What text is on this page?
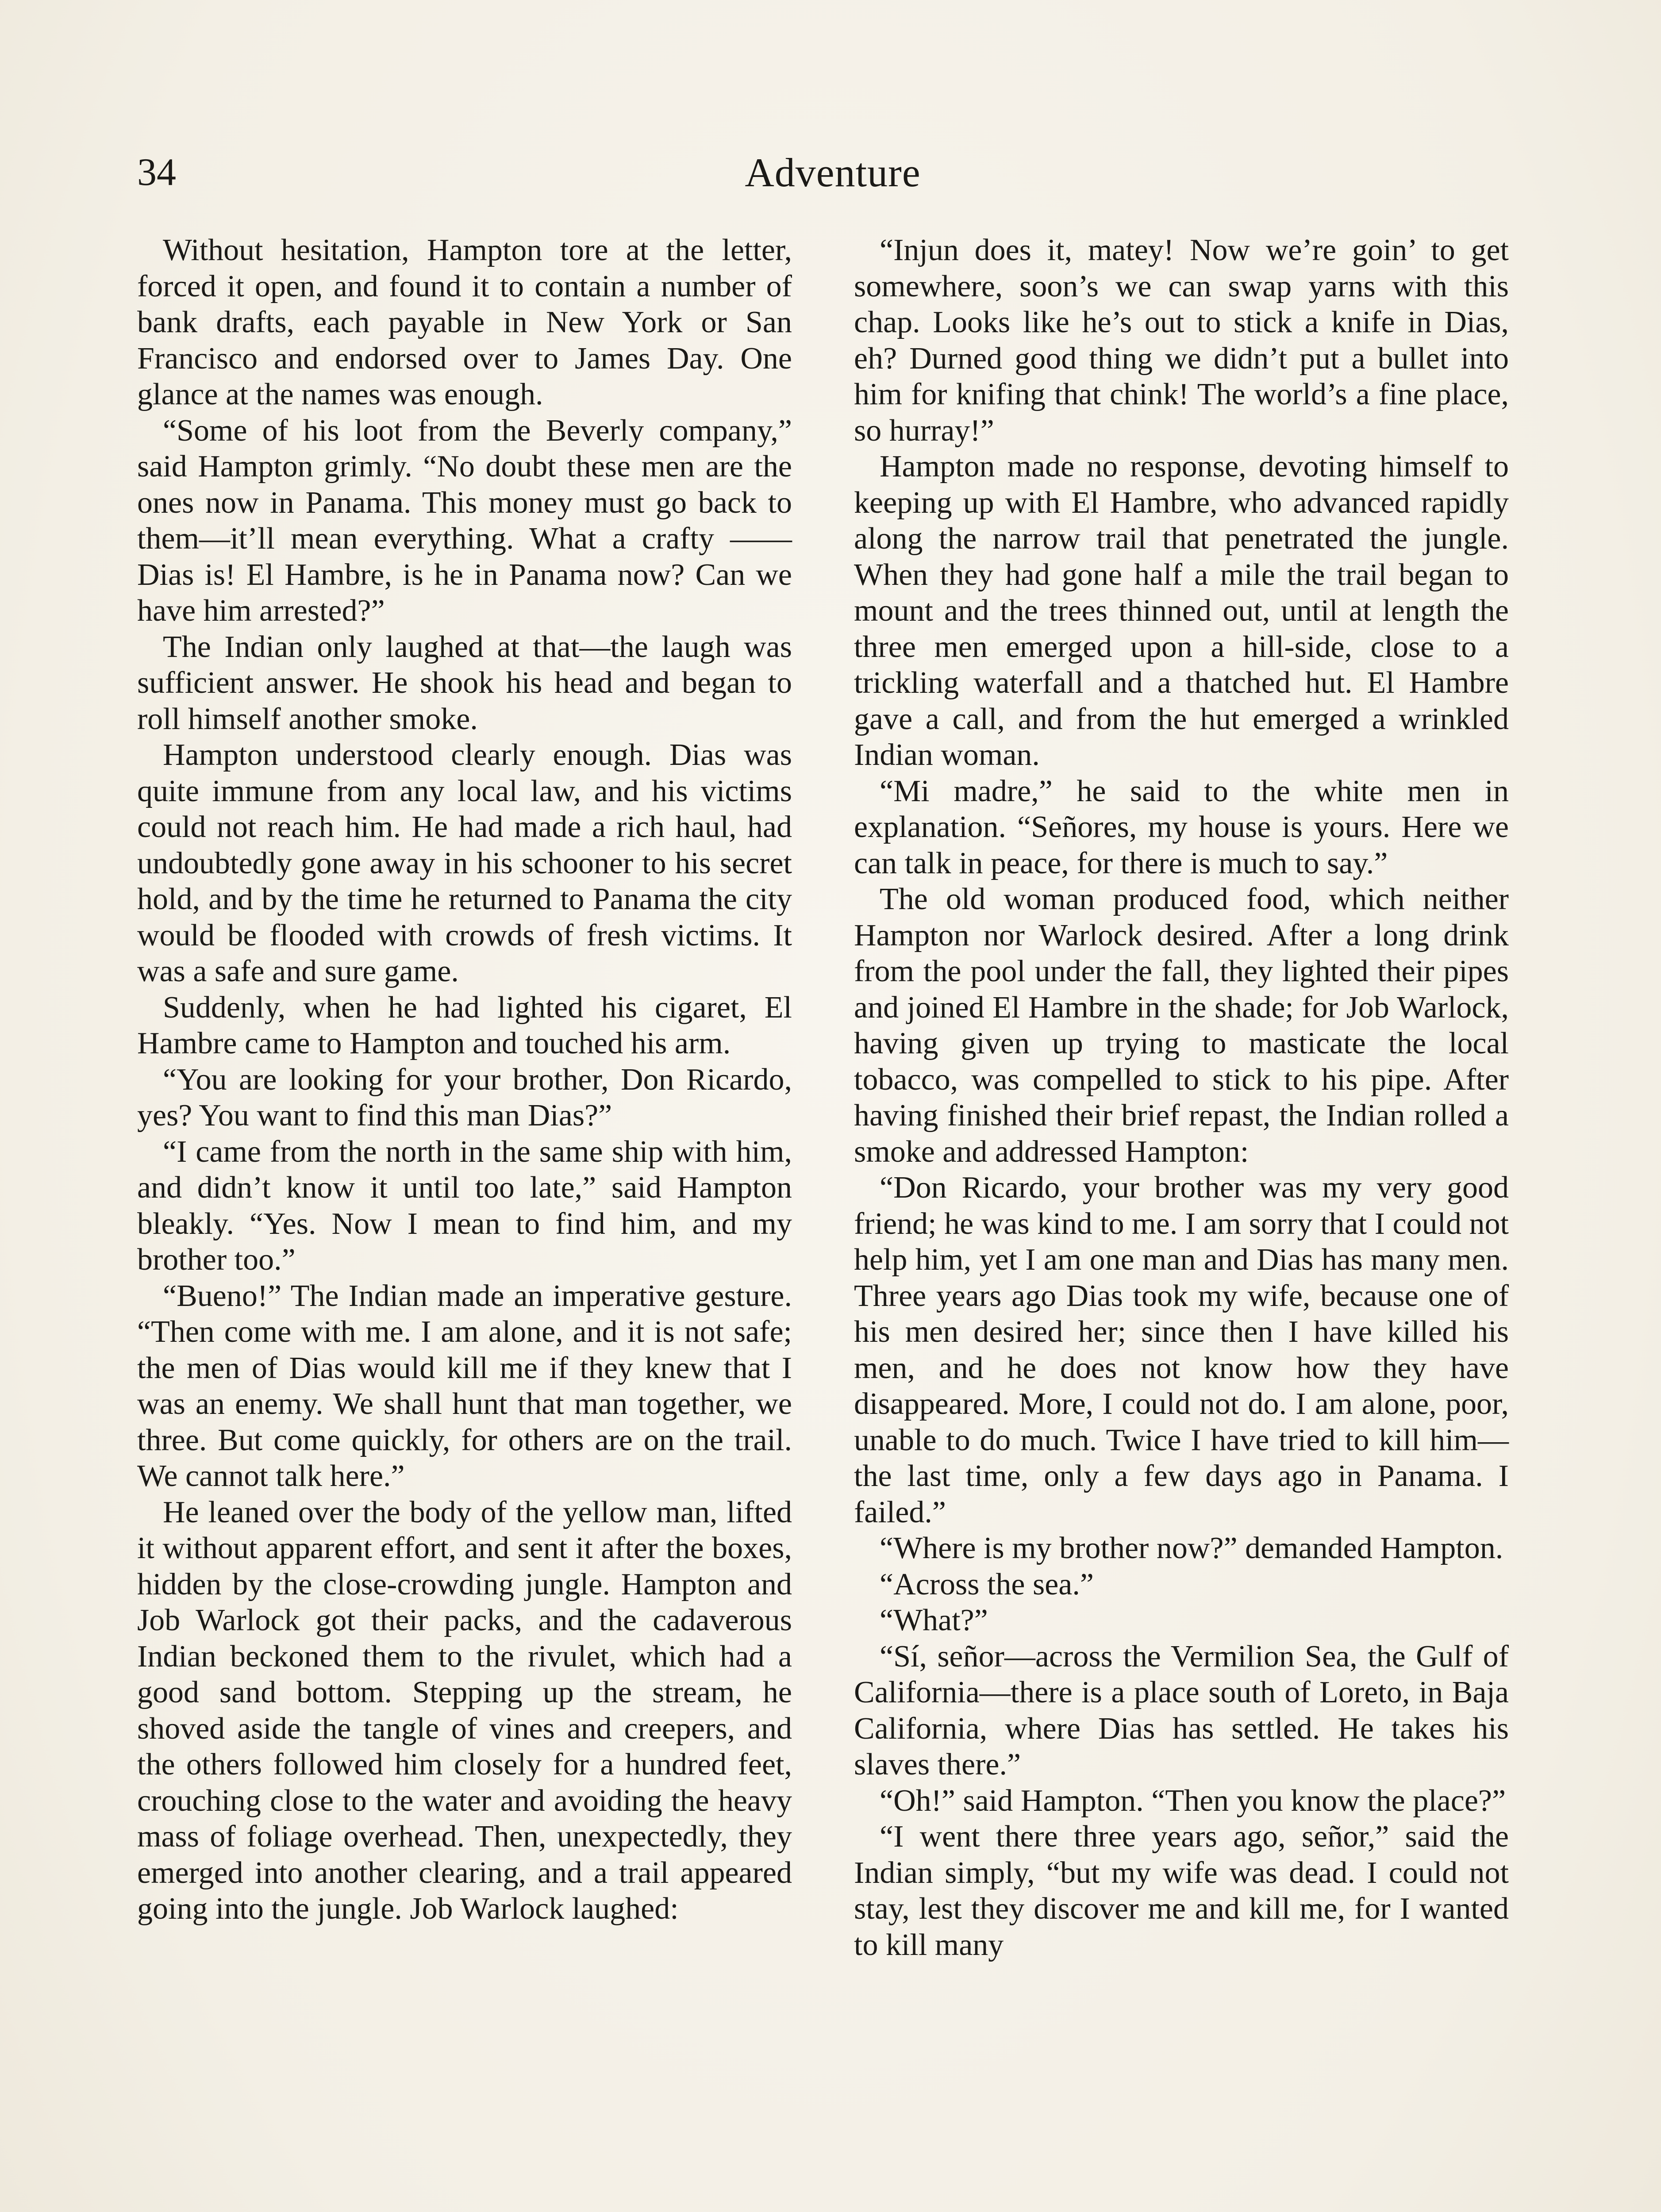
34	Adventure

Without hesitation, Hampton tore at the letter, forced it open, and found it to contain a number of bank drafts, each payable in New York or San Francisco and endorsed over to James Day. One glance at the names was enough.

“Some of his loot from the Beverly company,” said Hampton grimly. “No doubt these men are the ones now in Panama. This money must go back to them—it’ll mean everything. What a crafty —— Dias is! El Hambre, is he in Panama now? Can we have him arrested?”

The Indian only laughed at that—the laugh was sufficient answer. He shook his head and began to roll himself another smoke.

Hampton understood clearly enough. Dias was quite immune from any local law, and his victims could not reach him. He had made a rich haul, had undoubtedly gone away in his schooner to his secret hold, and by the time he returned to Panama the city would be flooded with crowds of fresh victims. It was a safe and sure game.

Suddenly, when he had lighted his cigaret, El Hambre came to Hampton and touched his arm.

“You are looking for your brother, Don Ricardo, yes? You want to find this man Dias?”

“I came from the north in the same ship with him, and didn’t know it until too late,” said Hampton bleakly. “Yes. Now I mean to find him, and my brother too.”

“Bueno!” The Indian made an imperative gesture. “Then come with me. I am alone, and it is not safe; the men of Dias would kill me if they knew that I was an enemy. We shall hunt that man together, we three. But come quickly, for others are on the trail. We cannot talk here.”

He leaned over the body of the yellow man, lifted it without apparent effort, and sent it after the boxes, hidden by the close-crowding jungle. Hampton and Job Warlock got their packs, and the cadaverous Indian beckoned them to the rivulet, which had a good sand bottom. Stepping up the stream, he shoved aside the tangle of vines and creepers, and the others followed him closely for a hundred feet, crouching close to the water and avoiding the heavy mass of foliage overhead. Then, unexpectedly, they emerged into another clearing, and a trail appeared going into the jungle. Job Warlock laughed:

“Injun does it, matey! Now we’re goin’ to get somewhere, soon’s we can swap yarns with this chap. Looks like he’s out to stick a knife in Dias, eh? Durned good thing we didn’t put a bullet into him for knifing that chink! The world’s a fine place, so hurray!”

Hampton made no response, devoting himself to keeping up with El Hambre, who advanced rapidly along the narrow trail that penetrated the jungle. When they had gone half a mile the trail began to mount and the trees thinned out, until at length the three men emerged upon a hill-side, close to a trickling waterfall and a thatched hut. El Hambre gave a call, and from the hut emerged a wrinkled Indian woman.

“Mi madre,” he said to the white men in explanation. “Señores, my house is yours. Here we can talk in peace, for there is much to say.”

The old woman produced food, which neither Hampton nor Warlock desired. After a long drink from the pool under the fall, they lighted their pipes and joined El Hambre in the shade; for Job Warlock, having given up trying to masticate the local tobacco, was compelled to stick to his pipe. After having finished their brief repast, the Indian rolled a smoke and addressed Hampton:

“Don Ricardo, your brother was my very good friend; he was kind to me. I am sorry that I could not help him, yet I am one man and Dias has many men. Three years ago Dias took my wife, because one of his men desired her; since then I have killed his men, and he does not know how they have disappeared. More, I could not do. I am alone, poor, unable to do much. Twice I have tried to kill him—the last time, only a few days ago in Panama. I failed.”

“Where is my brother now?” demanded Hampton.

“Across the sea.”

“What?”

“Sí, señor—across the Vermilion Sea, the Gulf of California—there is a place south of Loreto, in Baja California, where Dias has settled. He takes his slaves there.”

“Oh!” said Hampton. “Then you know the place?”

“I went there three years ago, señor,” said the Indian simply, “but my wife was dead. I could not stay, lest they discover me and kill me, for I wanted to kill many
